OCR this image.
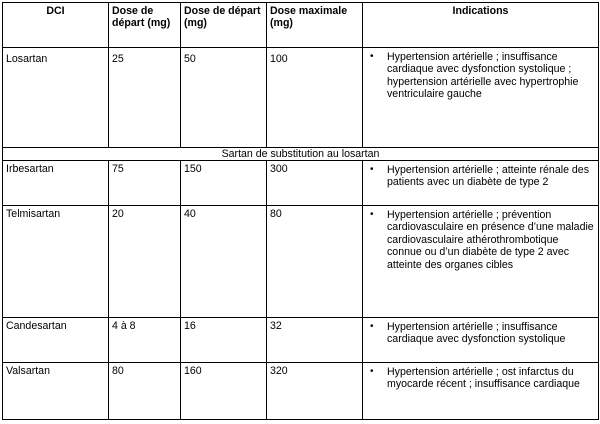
DCI	Dose de départ (mg)	Dose de départ (mg)	Dose maximale (mg)	Indications
Losartan	25	50	100	• Hypertension artérielle ; insuffisance cardiaque avec dysfonction systolique ; hypertension artérielle avec hypertrophie ventriculaire gauche

Sartan de substitution au losartan				
Irbesartan	75	150	300	• Hypertension artérielle ; atteinte rénale des patients avec un diabète de type 2

Telmisartan	20	40	80	• Hypertension artérielle ; prévention cardiovasculaire en présence d’une maladie cardiovasculaire athérothrombotique connue ou d’un diabète de type 2 avec atteinte des organes cibles

Candesartan	4 à 8	16	32	• Hypertension artérielle ; insuffisance cardiaque avec dysfonction systolique

Valsartan	80	160	320	• Hypertension artérielle ; ost infarctus du myocarde récent ; insuffisance cardiaque
